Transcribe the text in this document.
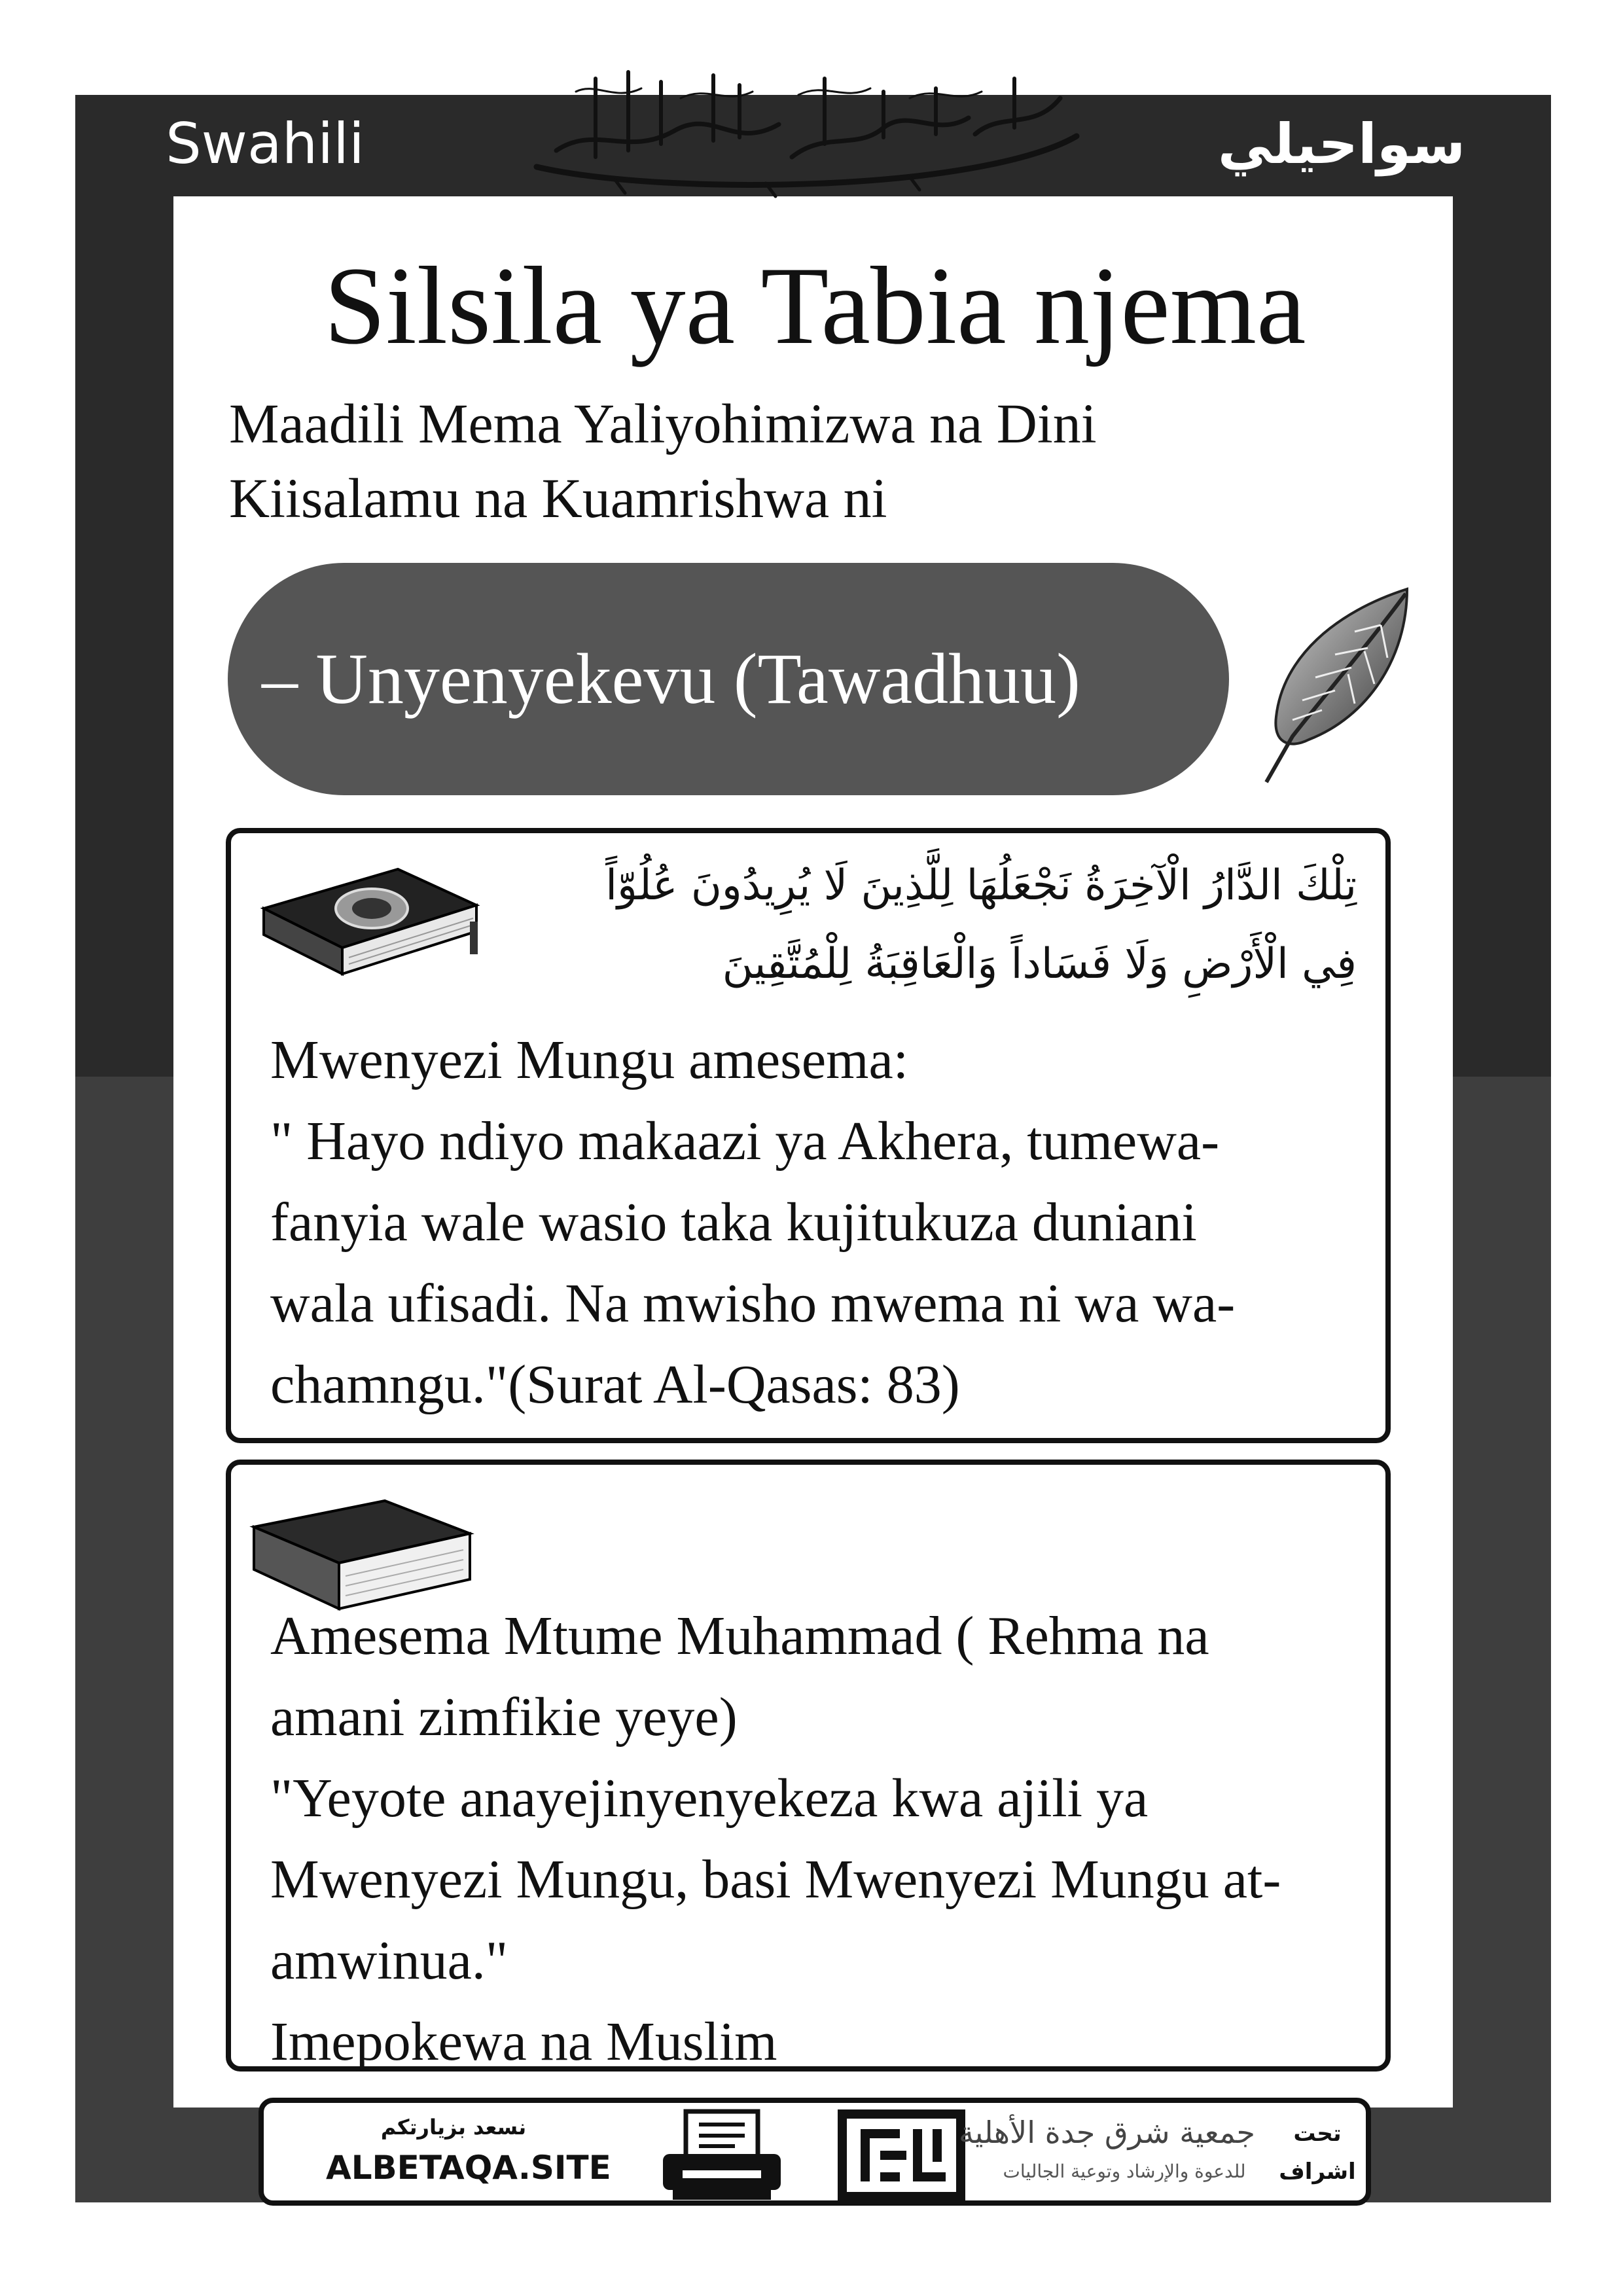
Swahili	سواحيلي
Silsila ya Tabia njema
Maadili Mema Yaliyohimizwa na Dini
Kiisalamu na Kuamrishwa ni
– Unyenyekevu (Tawadhuu)
تِلْكَ الدَّارُ الْآخِرَةُ نَجْعَلُهَا لِلَّذِينَ لَا يُرِيدُونَ عُلُوّاً
فِي الْأَرْضِ وَلَا فَسَاداً وَالْعَاقِبَةُ لِلْمُتَّقِينَ
Mwenyezi Mungu amesema:
" Hayo ndiyo makaazi ya Akhera, tumewa-
fanyia wale wasio taka kujitukuza duniani
wala ufisadi. Na mwisho mwema ni wa wa-
chamngu."(Surat Al-Qasas: 83)
Amesema Mtume Muhammad ( Rehma na
amani zimfikie yeye)
"Yeyote anayejinyenyekeza kwa ajili ya
Mwenyezi Mungu, basi Mwenyezi Mungu at-
amwinua."
Imepokewa na Muslim
نسعد بزيارتكم
ALBETAQA.SITE
جمعية شرق جدة الأهلية
للدعوة والإرشاد وتوعية الجاليات
تحت
اشراف
